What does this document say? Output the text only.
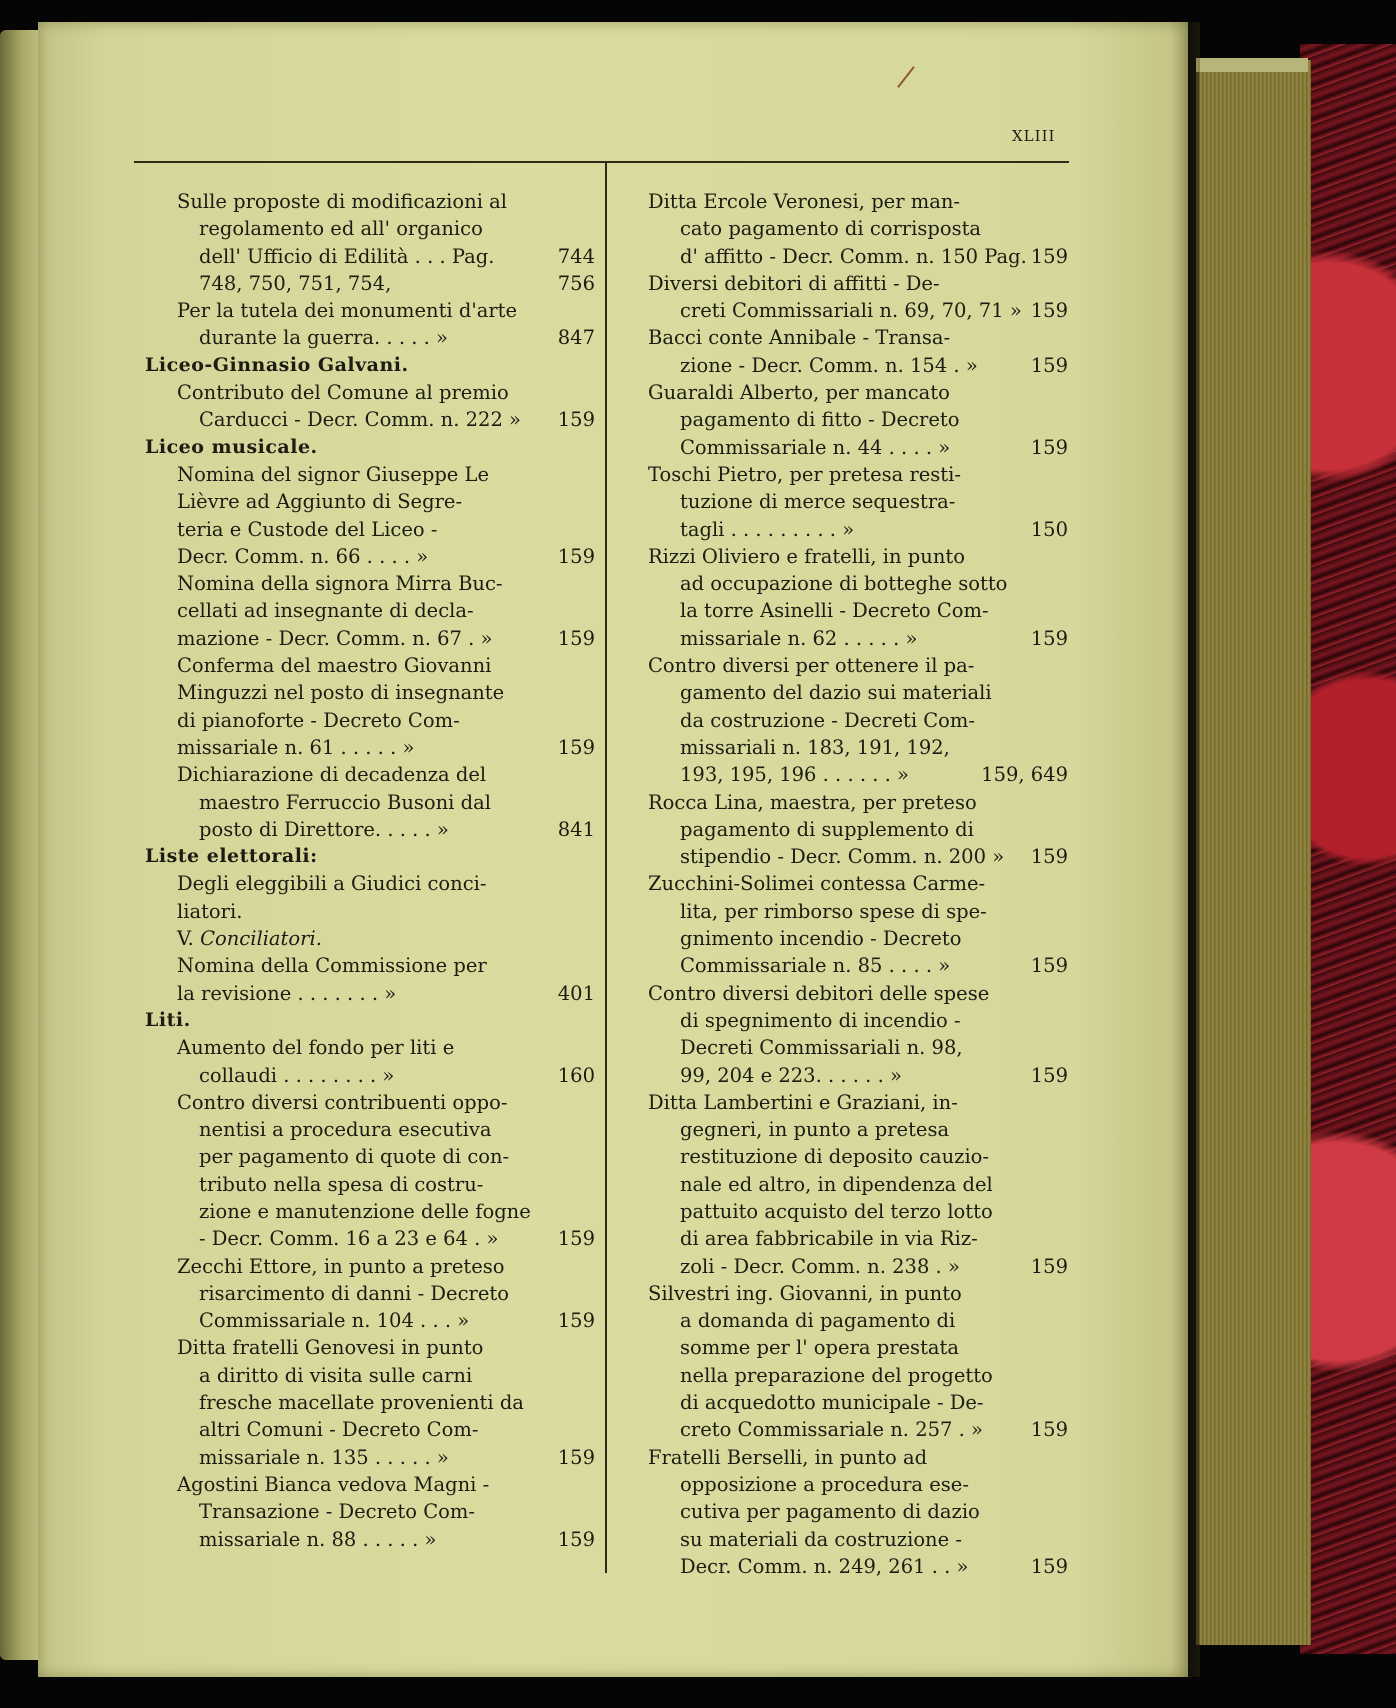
XLIII
Sulle proposte di modificazioni al
regolamento ed all' organico
dell' Ufficio di Edilità . . . Pag.	744
748, 750, 751, 754,	756
Per la tutela dei monumenti d'arte
durante la guerra. . . . . »	847
Liceo-Ginnasio Galvani.
Contributo del Comune al premio
Carducci - Decr. Comm. n. 222 » 159
Liceo musicale.
Nomina del signor Giuseppe Le
Lièvre ad Aggiunto di Segre-
teria e Custode del Liceo -
Decr. Comm. n. 66 . . . . »	159
Nomina della signora Mirra Buc-
cellati ad insegnante di decla-
mazione - Decr. Comm. n. 67 . »	159
Conferma del maestro Giovanni
Minguzzi nel posto di insegnante
di pianoforte - Decreto Com-
missariale n. 61 . . . . . »	159
Dichiarazione di decadenza del
maestro Ferruccio Busoni dal
posto di Direttore. . . . . »	841
Liste elettorali:
Degli eleggibili a Giudici conci-
liatori.
V. Conciliatori.
Nomina della Commissione per
la revisione . . . . . . . »	401
Liti.
Aumento del fondo per liti e
collaudi . . . . . . . . »	160
Contro diversi contribuenti oppo-
nentisi a procedura esecutiva
per pagamento di quote di con-
tributo nella spesa di costru-
zione e manutenzione delle fogne
- Decr. Comm. 16 a 23 e 64 . »	159
Zecchi Ettore, in punto a preteso
risarcimento di danni - Decreto
Commissariale n. 104 . . . »	159
Ditta fratelli Genovesi in punto
a diritto di visita sulle carni
fresche macellate provenienti da
altri Comuni - Decreto Com-
missariale n. 135 . . . . . »	159
Agostini Bianca vedova Magni -
Transazione - Decreto Com-
missariale n. 88 . . . . . »	159
Ditta Ercole Veronesi, per man-
cato pagamento di corrisposta
d' affitto - Decr. Comm. n. 150 Pag. 159
Diversi debitori di affitti - De-
creti Commissariali n. 69, 70, 71 » 159
Bacci conte Annibale - Transa-
zione - Decr. Comm. n. 154 . »	159
Guaraldi Alberto, per mancato
pagamento di fitto - Decreto
Commissariale n. 44 . . . . »	159
Toschi Pietro, per pretesa resti-
tuzione di merce sequestra-
tagli . . . . . . . . . »	150
Rizzi Oliviero e fratelli, in punto
ad occupazione di botteghe sotto
la torre Asinelli - Decreto Com-
missariale n. 62 . . . . . »	159
Contro diversi per ottenere il pa-
gamento del dazio sui materiali
da costruzione - Decreti Com-
missariali n. 183, 191, 192,
193, 195, 196 . . . . . . »	159, 649
Rocca Lina, maestra, per preteso
pagamento di supplemento di
stipendio - Decr. Comm. n. 200 » 159
Zucchini-Solimei contessa Carme-
lita, per rimborso spese di spe-
gnimento incendio - Decreto
Commissariale n. 85 . . . . »	159
Contro diversi debitori delle spese
di spegnimento di incendio -
Decreti Commissariali n. 98,
99, 204 e 223. . . . . . »	159
Ditta Lambertini e Graziani, in-
gegneri, in punto a pretesa
restituzione di deposito cauzio-
nale ed altro, in dipendenza del
pattuito acquisto del terzo lotto
di area fabbricabile in via Riz-
zoli - Decr. Comm. n. 238 . »	159
Silvestri ing. Giovanni, in punto
a domanda di pagamento di
somme per l' opera prestata
nella preparazione del progetto
di acquedotto municipale - De-
creto Commissariale n. 257 . » 159
Fratelli Berselli, in punto ad
opposizione a procedura ese-
cutiva per pagamento di dazio
su materiali da costruzione -
Decr. Comm. n. 249, 261 . . »	159
